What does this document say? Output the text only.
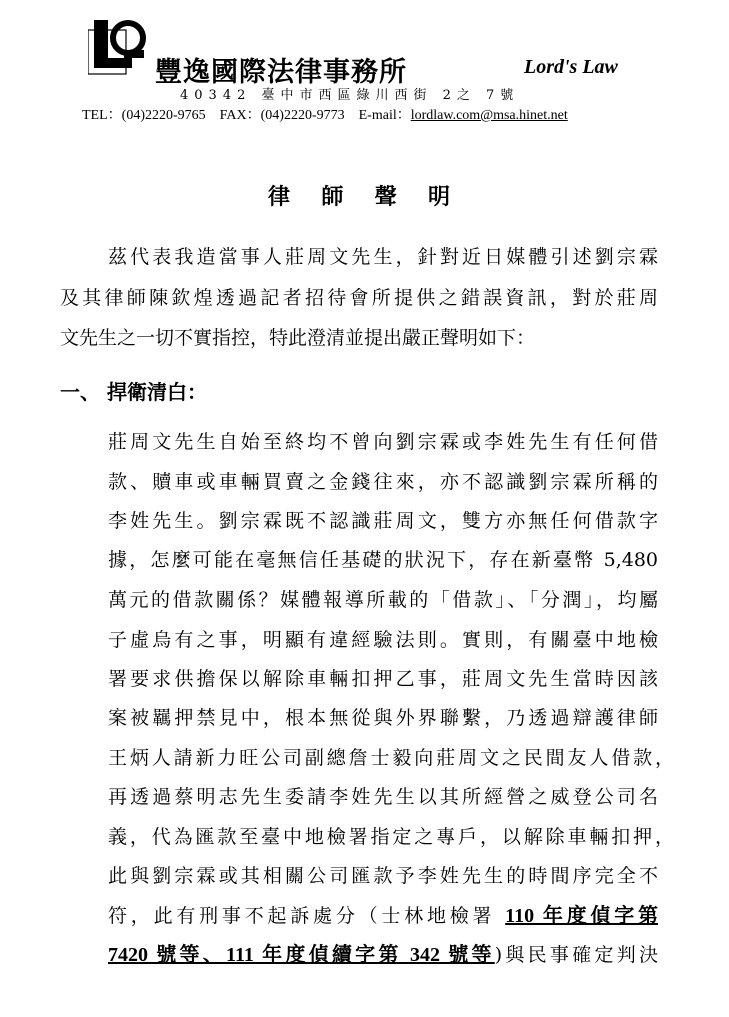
豐逸國際法律事務所	Lord's Law
40342 臺中市西區綠川西街 2之 7號
TEL：(04)2220-9765 FAX：(04)2220-9773 E-mail：lordlaw.com@msa.hinet.net
律師聲明
茲代表我造當事人莊周文先生，針對近日媒體引述劉宗霖
及其律師陳欽煌透過記者招待會所提供之錯誤資訊，對於莊周
文先生之一切不實指控，特此澄清並提出嚴正聲明如下：
一、 捍衛清白：
莊周文先生自始至終均不曾向劉宗霖或李姓先生有任何借
款、贖車或車輛買賣之金錢往來，亦不認識劉宗霖所稱的
李姓先生。劉宗霖既不認識莊周文，雙方亦無任何借款字
據，怎麼可能在毫無信任基礎的狀況下，存在新臺幣 5,480
萬元的借款關係？媒體報導所載的「借款」、「分潤」，均屬
子虛烏有之事，明顯有違經驗法則。實則，有關臺中地檢
署要求供擔保以解除車輛扣押乙事，莊周文先生當時因該
案被羈押禁見中，根本無從與外界聯繫，乃透過辯護律師
王炳人請新力旺公司副總詹士毅向莊周文之民間友人借款，
再透過蔡明志先生委請李姓先生以其所經營之威登公司名
義，代為匯款至臺中地檢署指定之專戶，以解除車輛扣押，
此與劉宗霖或其相關公司匯款予李姓先生的時間序完全不
符，此有刑事不起訴處分（士林地檢署 110 年度偵字第
7420 號等、111 年度偵續字第 342 號等)與民事確定判決
